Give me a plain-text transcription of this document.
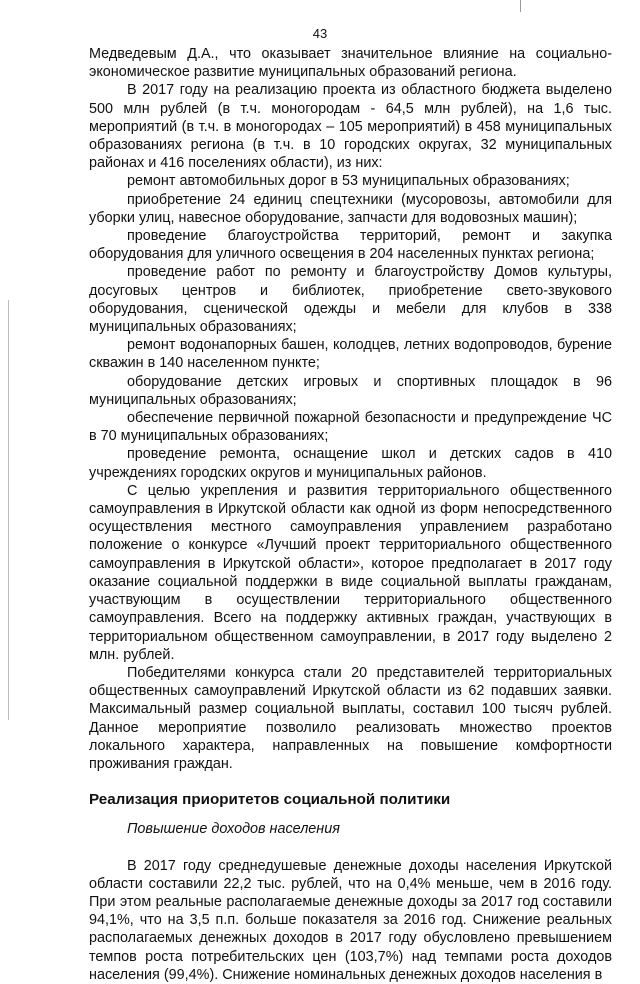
43

Медведевым Д.А., что оказывает значительное влияние на социально-экономическое развитие муниципальных образований региона.

В 2017 году на реализацию проекта из областного бюджета выделено 500 млн рублей (в т.ч. моногородам - 64,5 млн рублей), на 1,6 тыс. мероприятий (в т.ч. в моногородах – 105 мероприятий) в 458 муниципальных образованиях региона (в т.ч. в 10 городских округах, 32 муниципальных районах и 416 поселениях области), из них:

ремонт автомобильных дорог в 53 муниципальных образованиях;

приобретение 24 единиц спецтехники (мусоровозы, автомобили для уборки улиц, навесное оборудование, запчасти для водовозных машин);

проведение благоустройства территорий, ремонт и закупка оборудования для уличного освещения в 204 населенных пунктах региона;

проведение работ по ремонту и благоустройству Домов культуры, досуговых центров и библиотек, приобретение свето-звукового оборудования, сценической одежды и мебели для клубов в 338 муниципальных образованиях;

ремонт водонапорных башен, колодцев, летних водопроводов, бурение скважин в 140 населенном пункте;

оборудование детских игровых и спортивных площадок в 96 муниципальных образованиях;

обеспечение первичной пожарной безопасности и предупреждение ЧС в 70 муниципальных образованиях;

проведение ремонта, оснащение школ и детских садов в 410 учреждениях городских округов и муниципальных районов.

С целью укрепления и развития территориального общественного самоуправления в Иркутской области как одной из форм непосредственного осуществления местного самоуправления управлением разработано положение о конкурсе «Лучший проект территориального общественного самоуправления в Иркутской области», которое предполагает в 2017 году оказание социальной поддержки в виде социальной выплаты гражданам, участвующим в осуществлении территориального общественного самоуправления. Всего на поддержку активных граждан, участвующих в территориальном общественном самоуправлении, в 2017 году выделено 2 млн. рублей.

Победителями конкурса стали 20 представителей территориальных общественных самоуправлений Иркутской области из 62 подавших заявки. Максимальный размер социальной выплаты, составил 100 тысяч рублей. Данное мероприятие позволило реализовать множество проектов локального характера, направленных на повышение комфортности проживания граждан.

Реализация приоритетов социальной политики

Повышение доходов населения

В 2017 году среднедушевые денежные доходы населения Иркутской области составили 22,2 тыс. рублей, что на 0,4% меньше, чем в 2016 году. При этом реальные располагаемые денежные доходы за 2017 год составили 94,1%, что на 3,5 п.п. больше показателя за 2016 год. Снижение реальных располагаемых денежных доходов в 2017 году обусловлено превышением темпов роста потребительских цен (103,7%) над темпами роста доходов населения (99,4%). Снижение номинальных денежных доходов населения в
